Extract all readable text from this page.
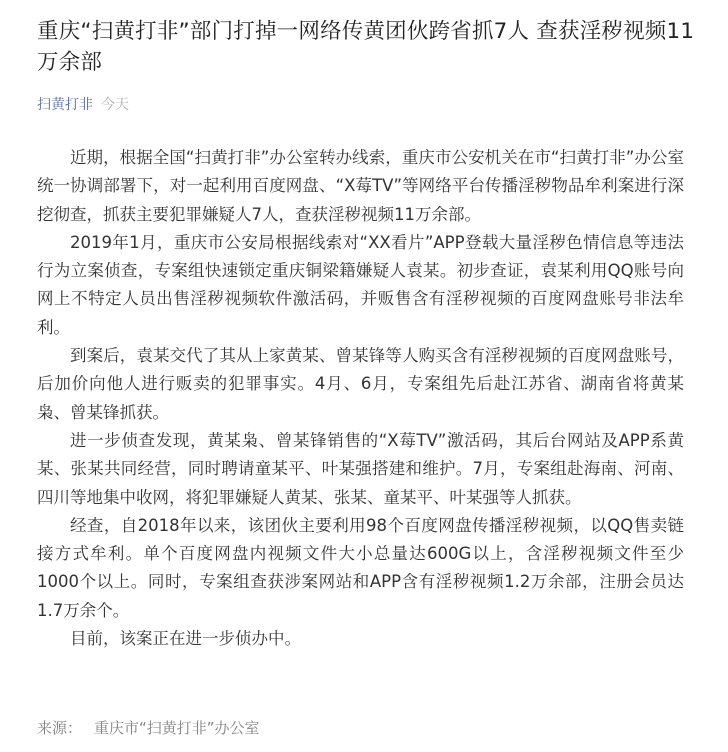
重庆“扫黄打非”部门打掉一网络传黄团伙跨省抓7人 查获淫秽视频11万余部
扫黄打非 今天

近期，根据全国“扫黄打非”办公室转办线索，重庆市公安机关在市“扫黄打非”办公室统一协调部署下，对一起利用百度网盘、“X莓TV”等网络平台传播淫秽物品牟利案进行深挖彻查，抓获主要犯罪嫌疑人7人，查获淫秽视频11万余部。

2019年1月，重庆市公安局根据线索对“XX看片”APP登载大量淫秽色情信息等违法行为立案侦查，专案组快速锁定重庆铜梁籍嫌疑人袁某。初步查证，袁某利用QQ账号向网上不特定人员出售淫秽视频软件激活码，并贩售含有淫秽视频的百度网盘账号非法牟利。

到案后，袁某交代了其从上家黄某、曾某锋等人购买含有淫秽视频的百度网盘账号，后加价向他人进行贩卖的犯罪事实。4月、6月，专案组先后赴江苏省、湖南省将黄某枭、曾某锋抓获。

进一步侦查发现，黄某枭、曾某锋销售的“X莓TV”激活码，其后台网站及APP系黄某、张某共同经营，同时聘请童某平、叶某强搭建和维护。7月，专案组赴海南、河南、四川等地集中收网，将犯罪嫌疑人黄某、张某、童某平、叶某强等人抓获。

经查，自2018年以来，该团伙主要利用98个百度网盘传播淫秽视频，以QQ售卖链接方式牟利。单个百度网盘内视频文件大小总量达600G以上，含淫秽视频文件至少1000个以上。同时，专案组查获涉案网站和APP含有淫秽视频1.2万余部，注册会员达1.7万余个。

目前，该案正在进一步侦办中。

来源： 重庆市“扫黄打非”办公室
